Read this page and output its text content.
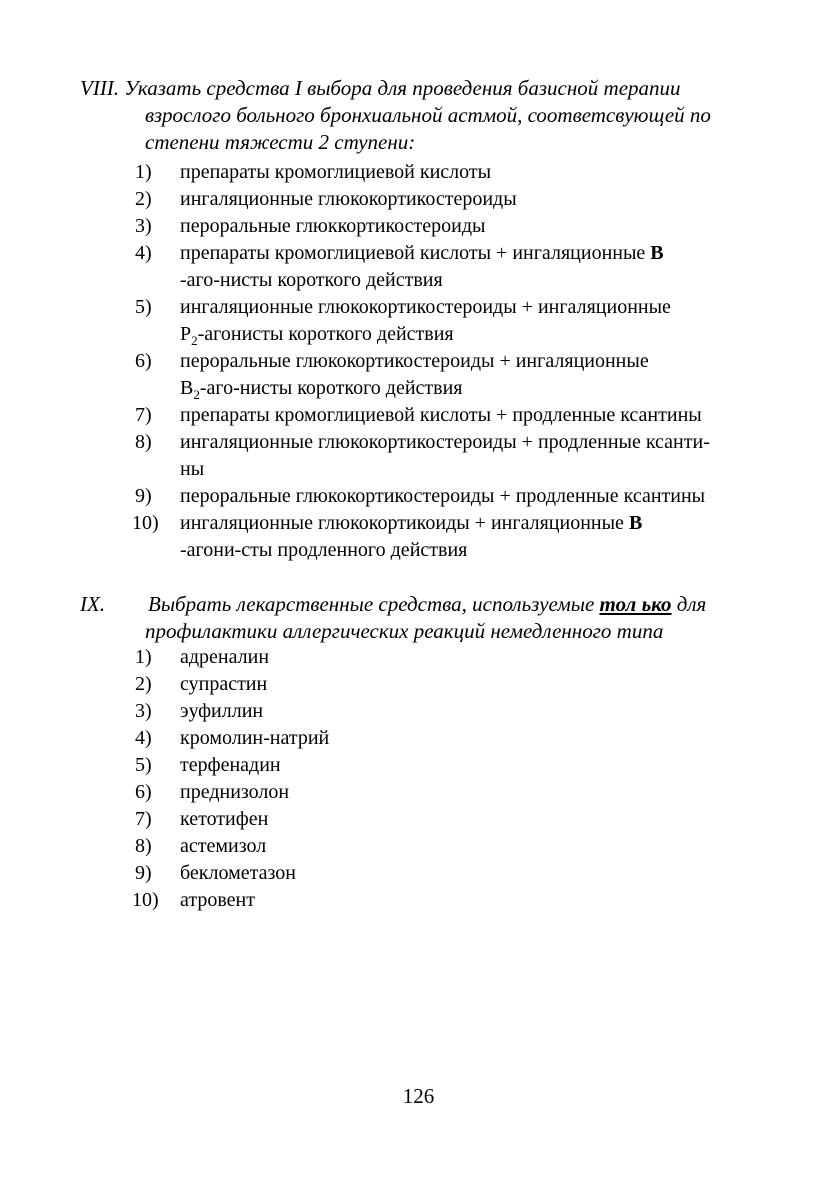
VIII. Указать средства I выбора для проведения базисной терапии
взрослого больного бронхиальной астмой, соответсвующей по
степени тяжести 2 ступени:
1) препараты кромоглициевой кислоты
2) ингаляционные глюкокортикостероиды
3) пероральные глюккортикостероиды
4) препараты кромоглициевой кислоты + ингаляционные В
-аго-нисты короткого действия
5) ингаляционные глюкокортикостероиды + ингаляционные
$Р_2$-агонисты короткого действия
6) пероральные глюкокортикостероиды + ингаляционные
$В_2-аго$-нисты короткого действия
7) препараты кромоглициевой кислоты + продленные ксантины
8) ингаляционные глюкокортикостероиды + продленные ксанти-
ны
9) пероральные глюкокортикостероиды + продленные ксантины
10) ингаляционные глюкокортикоиды + ингаляционные В
-агони-сты продленного действия
IX.	Выбрать лекарственные средства, используемые тол ько для
профилактики аллергических реакций немедленного типа
1) адреналин
2) супрастин
3) эуфиллин
4) кромолин-натрий
5) терфенадин
6) преднизолон
7) кетотифен
8) астемизол
9) беклометазон
10) атровент
126
